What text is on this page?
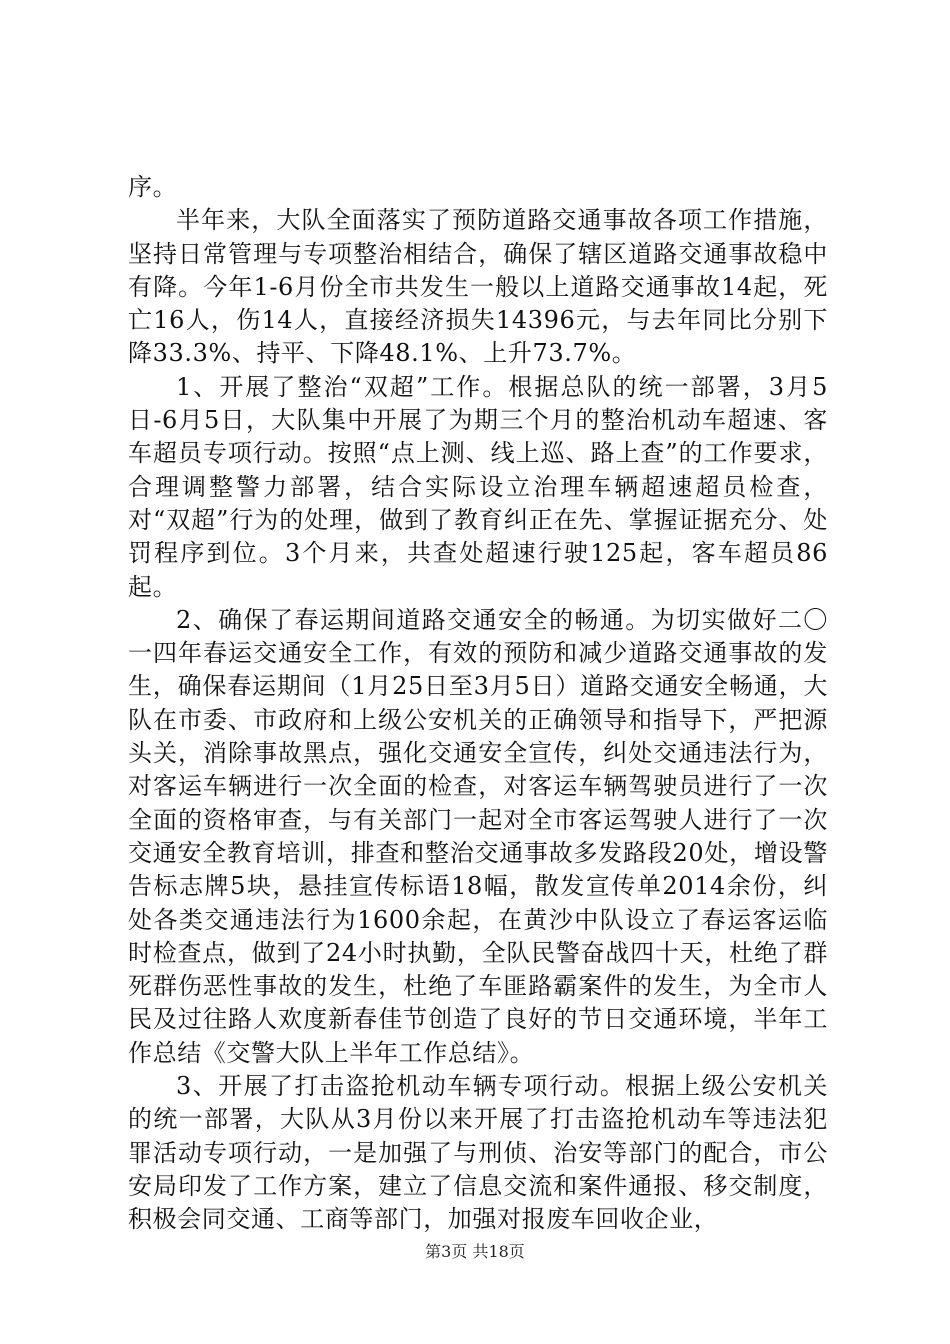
序。

半年来，大队全面落实了预防道路交通事故各项工作措施，坚持日常管理与专项整治相结合，确保了辖区道路交通事故稳中有降。今年1-6月份全市共发生一般以上道路交通事故14起，死亡16人，伤14人，直接经济损失14396元，与去年同比分别下降33.3%、持平、下降48.1%、上升73.7%。

1、开展了整治“双超”工作。根据总队的统一部署，3月5日-6月5日，大队集中开展了为期三个月的整治机动车超速、客车超员专项行动。按照“点上测、线上巡、路上查”的工作要求，合理调整警力部署，结合实际设立治理车辆超速超员检查，对“双超”行为的处理，做到了教育纠正在先、掌握证据充分、处罚程序到位。3个月来，共查处超速行驶125起，客车超员86起。

2、确保了春运期间道路交通安全的畅通。为切实做好二〇一四年春运交通安全工作，有效的预防和减少道路交通事故的发生，确保春运期间（1月25日至3月5日）道路交通安全畅通，大队在市委、市政府和上级公安机关的正确领导和指导下，严把源头关，消除事故黑点，强化交通安全宣传，纠处交通违法行为，对客运车辆进行一次全面的检查，对客运车辆驾驶员进行了一次全面的资格审查，与有关部门一起对全市客运驾驶人进行了一次交通安全教育培训，排查和整治交通事故多发路段20处，增设警告标志牌5块，悬挂宣传标语18幅，散发宣传单2014余份，纠处各类交通违法行为1600余起，在黄沙中队设立了春运客运临时检查点，做到了24小时执勤，全队民警奋战四十天，杜绝了群死群伤恶性事故的发生，杜绝了车匪路霸案件的发生，为全市人民及过往路人欢度新春佳节创造了良好的节日交通环境，半年工作总结《交警大队上半年工作总结》。

3、开展了打击盗抢机动车辆专项行动。根据上级公安机关的统一部署，大队从3月份以来开展了打击盗抢机动车等违法犯罪活动专项行动，一是加强了与刑侦、治安等部门的配合，市公安局印发了工作方案，建立了信息交流和案件通报、移交制度，积极会同交通、工商等部门，加强对报废车回收企业，

第3页 共18页
